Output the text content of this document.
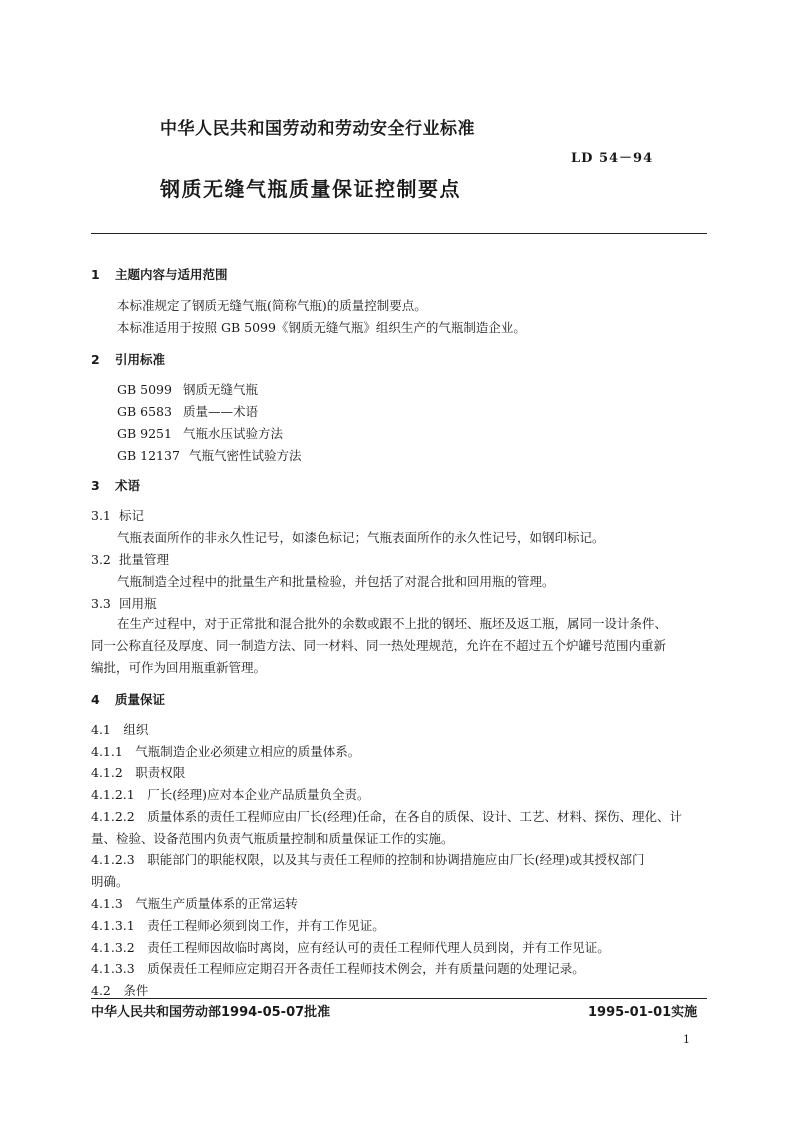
中华人民共和国劳动和劳动安全行业标准
LD 54－94
钢质无缝气瓶质量保证控制要点
1 主题内容与适用范围
本标准规定了钢质无缝气瓶(简称气瓶)的质量控制要点。
本标准适用于按照 GB 5099《钢质无缝气瓶》组织生产的气瓶制造企业。
2 引用标准
GB 5099 钢质无缝气瓶
GB 6583 质量——术语
GB 9251 气瓶水压试验方法
GB 12137 气瓶气密性试验方法
3 术语
3.1 标记
气瓶表面所作的非永久性记号，如漆色标记；气瓶表面所作的永久性记号，如钢印标记。
3.2 批量管理
气瓶制造全过程中的批量生产和批量检验，并包括了对混合批和回用瓶的管理。
3.3 回用瓶
在生产过程中，对于正常批和混合批外的余数或跟不上批的钢坯、瓶坯及返工瓶，属同一设计条件、
同一公称直径及厚度、同一制造方法、同一材料、同一热处理规范，允许在不超过五个炉罐号范围内重新
编批，可作为回用瓶重新管理。
4 质量保证
4.1　组织
4.1.1　气瓶制造企业必须建立相应的质量体系。
4.1.2　职责权限
4.1.2.1　厂长(经理)应对本企业产品质量负全责。
4.1.2.2　质量体系的责任工程师应由厂长(经理)任命，在各自的质保、设计、工艺、材料、探伤、理化、计
量、检验、设备范围内负责气瓶质量控制和质量保证工作的实施。
4.1.2.3　职能部门的职能权限，以及其与责任工程师的控制和协调措施应由厂长(经理)或其授权部门
明确。
4.1.3　气瓶生产质量体系的正常运转
4.1.3.1　责任工程师必须到岗工作，并有工作见证。
4.1.3.2　责任工程师因故临时离岗，应有经认可的责任工程师代理人员到岗，并有工作见证。
4.1.3.3　质保责任工程师应定期召开各责任工程师技术例会，并有质量问题的处理记录。
4.2　条件
中华人民共和国劳动部1994-05-07批准	1995-01-01实施
1
